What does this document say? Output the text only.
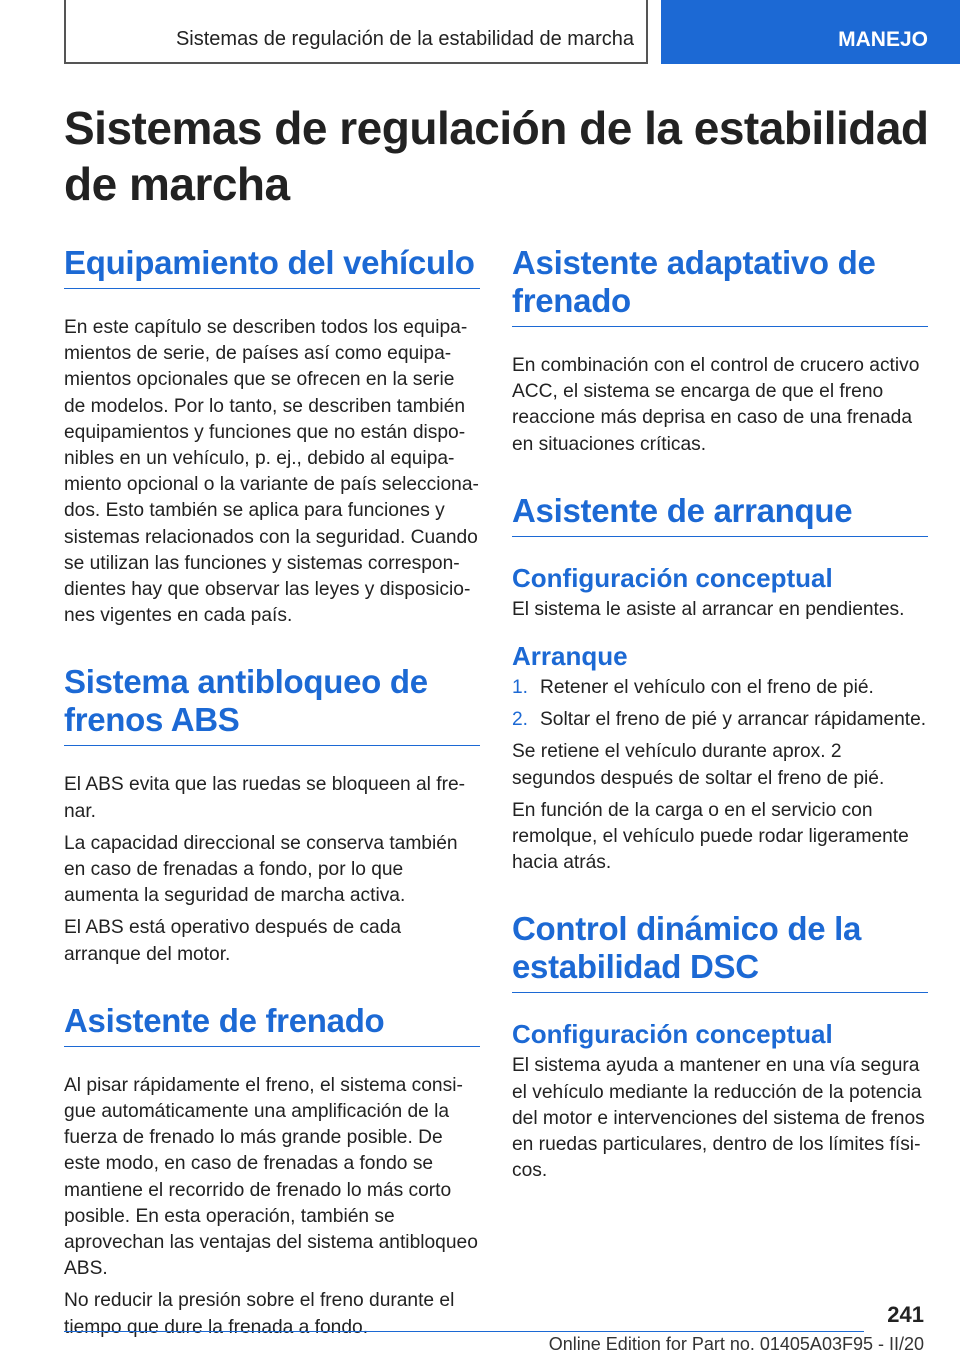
Sistemas de regulación de la estabilidad de marcha	MANEJO
Sistemas de regulación de la estabilidad de marcha
Equipamiento del vehículo

En este capítulo se describen todos los equipamientos de serie, de países así como equipamientos opcionales que se ofrecen en la serie de modelos. Por lo tanto, se describen también equipamientos y funciones que no están disponibles en un vehículo, p. ej., debido al equipamiento opcional o la variante de país seleccionados. Esto también se aplica para funciones y sistemas relacionados con la seguridad. Cuando se utilizan las funciones y sistemas correspondientes hay que observar las leyes y disposiciones vigentes en cada país.

Sistema antibloqueo de frenos ABS

El ABS evita que las ruedas se bloqueen al frenar.

La capacidad direccional se conserva también en caso de frenadas a fondo, por lo que aumenta la seguridad de marcha activa.

El ABS está operativo después de cada arranque del motor.

Asistente de frenado

Al pisar rápidamente el freno, el sistema consigue automáticamente una amplificación de la fuerza de frenado lo más grande posible. De este modo, en caso de frenadas a fondo se mantiene el recorrido de frenado lo más corto posible. En esta operación, también se aprovechan las ventajas del sistema antibloqueo ABS.

No reducir la presión sobre el freno durante el tiempo que dure la frenada a fondo.

Asistente adaptativo de frenado

En combinación con el control de crucero activo ACC, el sistema se encarga de que el freno reaccione más deprisa en caso de una frenada en situaciones críticas.

Asistente de arranque
Configuración conceptual

El sistema le asiste al arrancar en pendientes.

Arranque
1. Retener el vehículo con el freno de pié.
2. Soltar el freno de pié y arrancar rápidamente.

Se retiene el vehículo durante aprox. 2 segundos después de soltar el freno de pié.

En función de la carga o en el servicio con remolque, el vehículo puede rodar ligeramente hacia atrás.

Control dinámico de la estabilidad DSC
Configuración conceptual

El sistema ayuda a mantener en una vía segura el vehículo mediante la reducción de la potencia del motor e intervenciones del sistema de frenos en ruedas particulares, dentro de los límites físicos.

241
Online Edition for Part no. 01405A03F95 - II/20
